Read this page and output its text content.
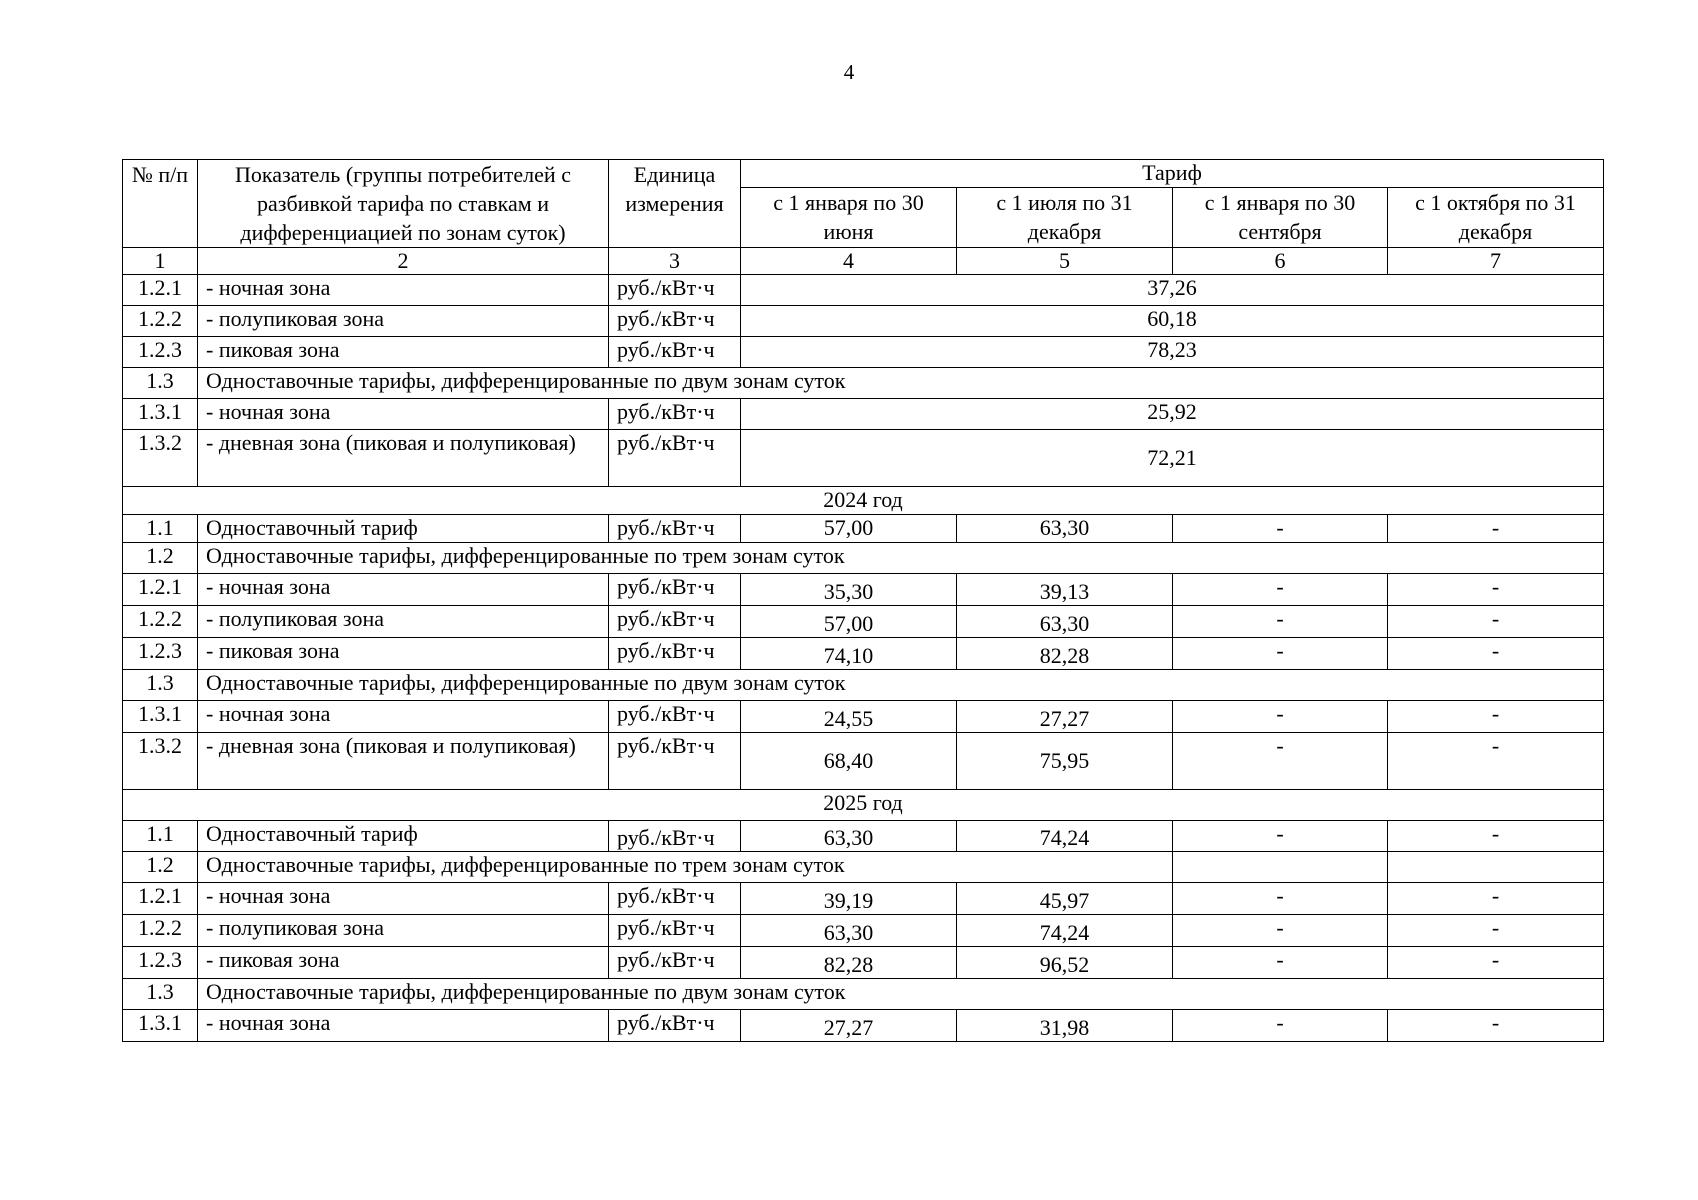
4
№ п/п	Показатель (группы потребителей с разбивкой тарифа по ставкам и дифференциацией по зонам суток)	Единица измерения	Тариф			
			с 1 января по 30 июня	с 1 июля по 31 декабря	с 1 января по 30 сентября	с 1 октября по 31 декабря
1	2	3	4	5	6	7
1.2.1	- ночная зона	руб./кВт·ч	37,26			
1.2.2	- полупиковая зона	руб./кВт·ч	60,18			
1.2.3	- пиковая зона	руб./кВт·ч	78,23			
1.3	Одноставочные тарифы, дифференцированные по двум зонам суток					
1.3.1	- ночная зона	руб./кВт·ч	25,92			
1.3.2	- дневная зона (пиковая и полупиковая)	руб./кВт·ч	72,21			
2024 год						
1.1	Одноставочный тариф	руб./кВт·ч	57,00	63,30	-	-
1.2	Одноставочные тарифы, дифференцированные по трем зонам суток					
1.2.1	- ночная зона	руб./кВт·ч	35,30	39,13	-	-
1.2.2	- полупиковая зона	руб./кВт·ч	57,00	63,30	-	-
1.2.3	- пиковая зона	руб./кВт·ч	74,10	82,28	-	-
1.3	Одноставочные тарифы, дифференцированные по двум зонам суток					
1.3.1	- ночная зона	руб./кВт·ч	24,55	27,27	-	-
1.3.2	- дневная зона (пиковая и полупиковая)	руб./кВт·ч	68,40	75,95	-	-
2025 год						
1.1	Одноставочный тариф	руб./кВт·ч	63,30	74,24	-	-
1.2	Одноставочные тарифы, дифференцированные по трем зонам суток					
1.2.1	- ночная зона	руб./кВт·ч	39,19	45,97	-	-
1.2.2	- полупиковая зона	руб./кВт·ч	63,30	74,24	-	-
1.2.3	- пиковая зона	руб./кВт·ч	82,28	96,52	-	-
1.3	Одноставочные тарифы, дифференцированные по двум зонам суток					
1.3.1	- ночная зона	руб./кВт·ч	27,27	31,98	-	-
